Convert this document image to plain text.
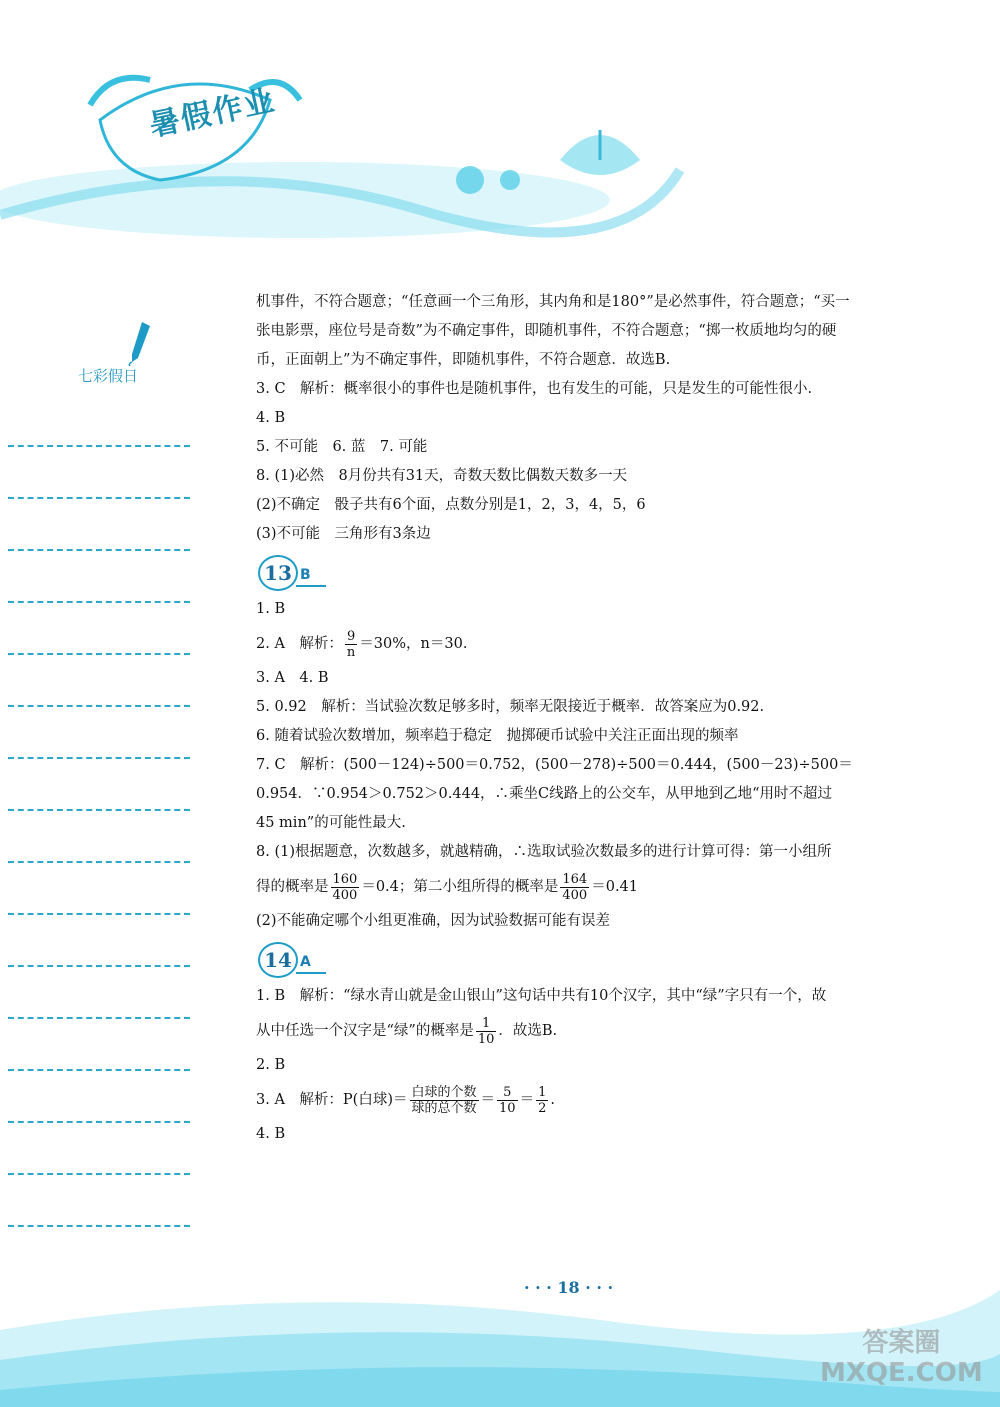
暑假作业
七彩假日
机事件，不符合题意；“任意画一个三角形，其内角和是180°”是必然事件，符合题意；“买一
张电影票，座位号是奇数”为不确定事件，即随机事件，不符合题意；“掷一枚质地均匀的硬
币，正面朝上”为不确定事件，即随机事件，不符合题意．故选B.
3. C　解析：概率很小的事件也是随机事件，也有发生的可能，只是发生的可能性很小.
4. B
5. 不可能　6. 蓝　7. 可能
8. (1)必然　8月份共有31天，奇数天数比偶数天数多一天
(2)不确定　骰子共有6个面，点数分别是1，2，3，4，5，6
(3)不可能　三角形有3条边
13 B
1. B
2. A　解析： $\frac{9}{n} =30\%$，n＝30.
3. A　4. B
5. 0.92　解析：当试验次数足够多时，频率无限接近于概率．故答案应为0.92.
6. 随着试验次数增加，频率趋于稳定　抛掷硬币试验中关注正面出现的频率
7. C　解析：(500－124)÷500＝0.752，(500－278)÷500＝0.444，(500－23)÷500＝
0.954．∵0.954＞0.752＞0.444，∴乘坐C线路上的公交车，从甲地到乙地“用时不超过
45 min”的可能性最大.
8. (1)根据题意，次数越多，就越精确，∴选取试验次数最多的进行计算可得：第一小组所
得的概率是 $\frac{160}{400} =0.4$；第二小组所得的概率是 $\frac{164}{400} =0.41$
(2)不能确定哪个小组更准确，因为试验数据可能有误差
14 A
1. B　解析：“绿水青山就是金山银山”这句话中共有10个汉字，其中“绿”字只有一个，故
从中任选一个汉字是“绿”的概率是 $\frac{1}{10}$ ．故选B.
2. B
3. A　解析：P(白球)＝ $\frac{\text{白球的个数}}{\text{球的总个数}} = \frac{5}{10} = \frac{1}{2}$ .
4. B
· · · 18 · · ·
答案圈
MXQE.COM
